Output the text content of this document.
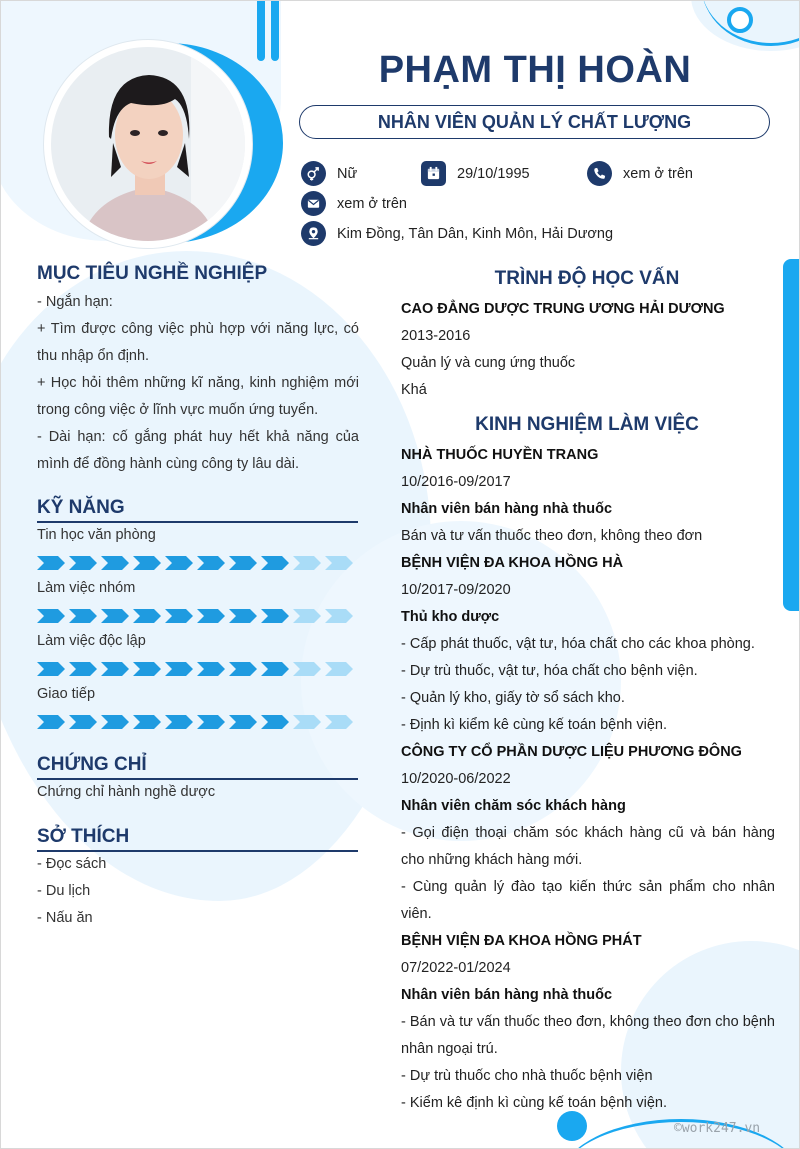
PHẠM THỊ HOÀN
NHÂN VIÊN QUẢN LÝ CHẤT LƯỢNG
Nữ	29/10/1995	xem ở trên
xem ở trên
Kim Đồng, Tân Dân, Kinh Môn, Hải Dương
MỤC TIÊU NGHỀ NGHIỆP
- Ngắn hạn:
+ Tìm được công việc phù hợp với năng lực, có thu nhập ổn định.
+ Học hỏi thêm những kĩ năng, kinh nghiệm mới trong công việc ở lĩnh vực muốn ứng tuyển.
- Dài hạn: cố gắng phát huy hết khả năng của mình để đồng hành cùng công ty lâu dài.
KỸ NĂNG
Tin học văn phòng
Làm việc nhóm
Làm việc độc lập
Giao tiếp
CHỨNG CHỈ
Chứng chỉ hành nghề dược
SỞ THÍCH
- Đọc sách
- Du lịch
- Nấu ăn
TRÌNH ĐỘ HỌC VẤN
CAO ĐẲNG DƯỢC TRUNG ƯƠNG HẢI DƯƠNG
2013-2016
Quản lý và cung ứng thuốc
Khá
KINH NGHIỆM LÀM VIỆC
NHÀ THUỐC HUYỀN TRANG
10/2016-09/2017
Nhân viên bán hàng nhà thuốc
Bán và tư vấn thuốc theo đơn, không theo đơn
BỆNH VIỆN ĐA KHOA HỒNG HÀ
10/2017-09/2020
Thủ kho dược
- Cấp phát thuốc, vật tư, hóa chất cho các khoa phòng.
- Dự trù thuốc, vật tư, hóa chất cho bệnh viện.
- Quản lý kho, giấy tờ sổ sách kho.
- Định kì kiểm kê cùng kế toán bệnh viện.
CÔNG TY CỔ PHẦN DƯỢC LIỆU PHƯƠNG ĐÔNG
10/2020-06/2022
Nhân viên chăm sóc khách hàng
- Gọi điện thoại chăm sóc khách hàng cũ và bán hàng cho những khách hàng mới.
- Cùng quản lý đào tạo kiến thức sản phẩm cho nhân viên.
BỆNH VIỆN ĐA KHOA HỒNG PHÁT
07/2022-01/2024
Nhân viên bán hàng nhà thuốc
- Bán và tư vấn thuốc theo đơn, không theo đơn cho bệnh nhân ngoại trú.
- Dự trù thuốc cho nhà thuốc bệnh viện
- Kiểm kê định kì cùng kế toán bệnh viện.
©work247.vn
